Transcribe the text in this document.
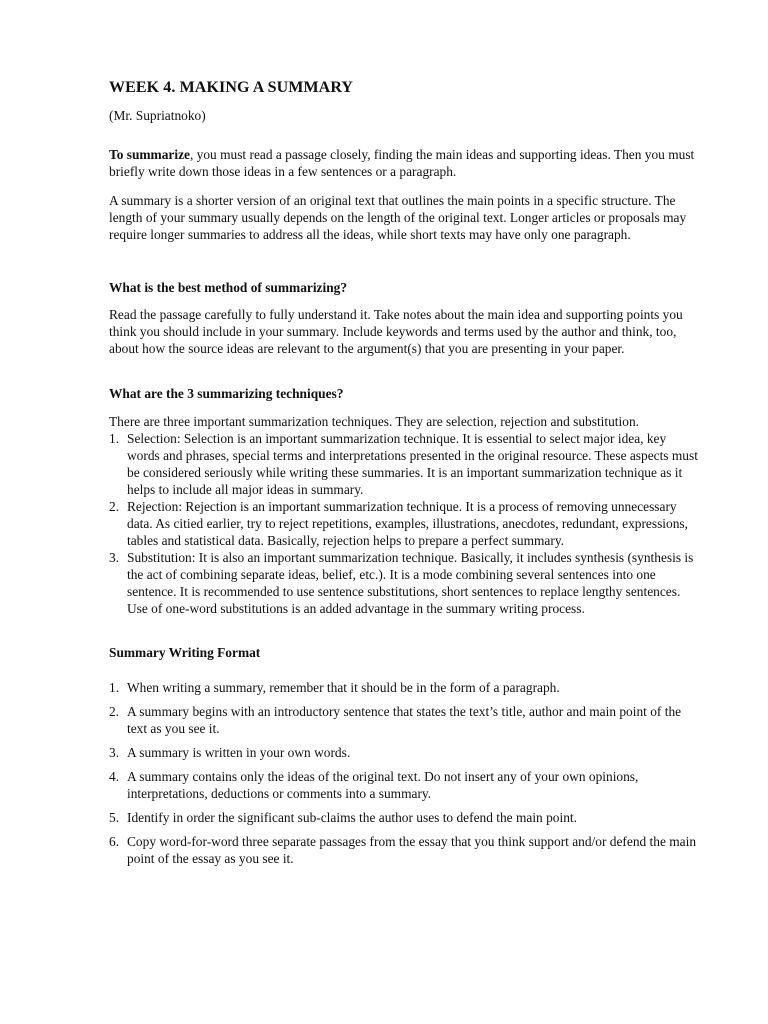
WEEK 4. MAKING A SUMMARY

(Mr. Supriatnoko)

To summarize, you must read a passage closely, finding the main ideas and supporting ideas. Then you must briefly write down those ideas in a few sentences or a paragraph.

A summary is a shorter version of an original text that outlines the main points in a specific structure. The length of your summary usually depends on the length of the original text. Longer articles or proposals may require longer summaries to address all the ideas, while short texts may have only one paragraph.

What is the best method of summarizing?

Read the passage carefully to fully understand it. Take notes about the main idea and supporting points you think you should include in your summary. Include keywords and terms used by the author and think, too, about how the source ideas are relevant to the argument(s) that you are presenting in your paper.

What are the 3 summarizing techniques?

There are three important summarization techniques. They are selection, rejection and substitution.

1. Selection: Selection is an important summarization technique. It is essential to select major idea, key words and phrases, special terms and interpretations presented in the original resource. These aspects must be considered seriously while writing these summaries. It is an important summarization technique as it helps to include all major ideas in summary.
2. Rejection: Rejection is an important summarization technique. It is a process of removing unnecessary data. As citied earlier, try to reject repetitions, examples, illustrations, anecdotes, redundant, expressions, tables and statistical data. Basically, rejection helps to prepare a perfect summary.
3. Substitution: It is also an important summarization technique. Basically, it includes synthesis (synthesis is the act of combining separate ideas, belief, etc.). It is a mode combining several sentences into one sentence. It is recommended to use sentence substitutions, short sentences to replace lengthy sentences. Use of one-word substitutions is an added advantage in the summary writing process.

Summary Writing Format

1. When writing a summary, remember that it should be in the form of a paragraph.
2. A summary begins with an introductory sentence that states the text’s title, author and main point of the text as you see it.
3. A summary is written in your own words.
4. A summary contains only the ideas of the original text. Do not insert any of your own opinions, interpretations, deductions or comments into a summary.
5. Identify in order the significant sub-claims the author uses to defend the main point.
6. Copy word-for-word three separate passages from the essay that you think support and/or defend the main point of the essay as you see it.
